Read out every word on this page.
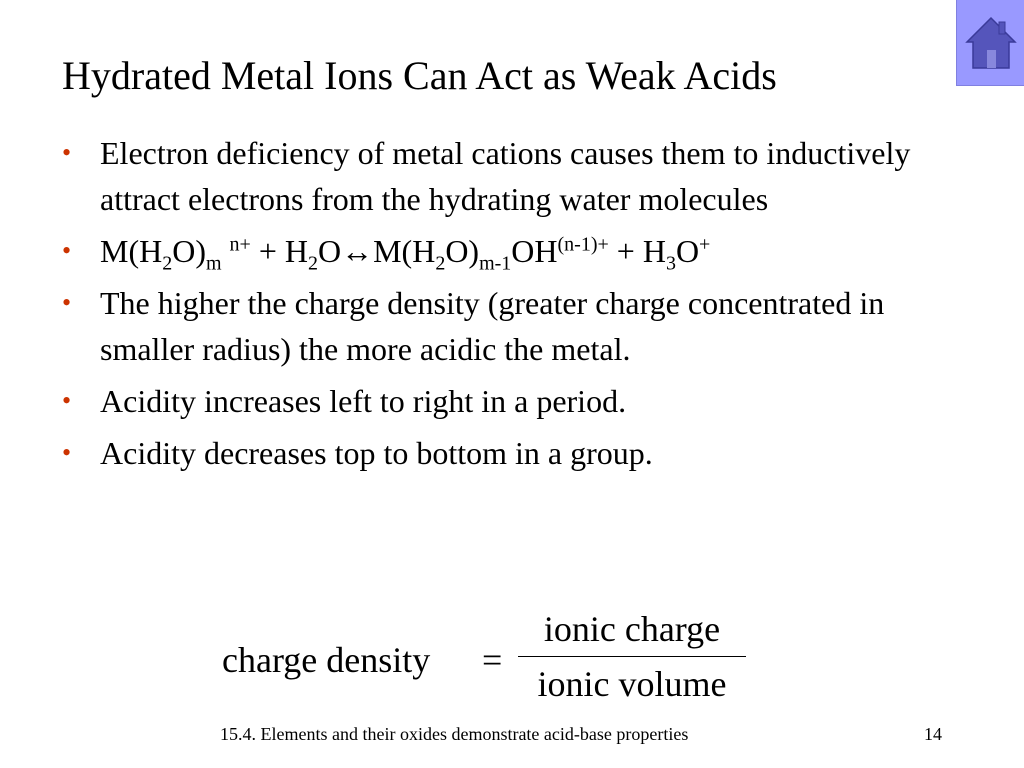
Hydrated Metal Ions Can Act as Weak Acids
• Electron deficiency of metal cations causes them to inductively attract electrons from the hydrating water molecules
• $M(H_2O)_m$ $^{n+} + H_2O\leftrightarrow M(H_2O)_{m-1}OH^{(n-1)+} + H_3O^+$
• The higher the charge density (greater charge concentrated in smaller radius) the more acidic the metal.
• Acidity increases left to right in a period.
• Acidity decreases top to bottom in a group.
charge density =
ionic charge
ionic volume
15.4. Elements and their oxides demonstrate acid-base properties	14
